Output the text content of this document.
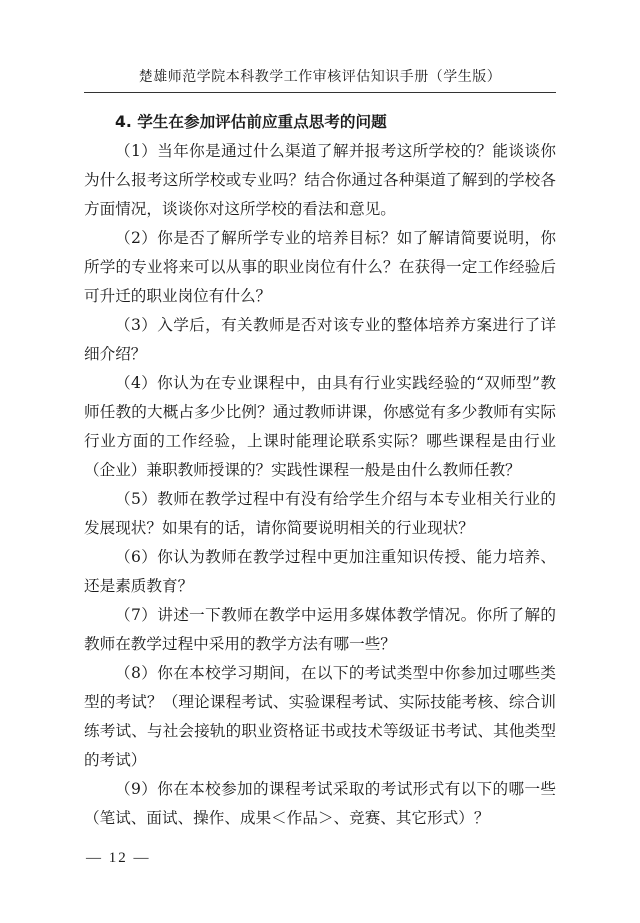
楚雄师范学院本科教学工作审核评估知识手册（学生版）

4. 学生在参加评估前应重点思考的问题

（1）当年你是通过什么渠道了解并报考这所学校的？能谈谈你为什么报考这所学校或专业吗？结合你通过各种渠道了解到的学校各方面情况，谈谈你对这所学校的看法和意见。

（2）你是否了解所学专业的培养目标？如了解请简要说明，你所学的专业将来可以从事的职业岗位有什么？在获得一定工作经验后可升迁的职业岗位有什么？

（3）入学后，有关教师是否对该专业的整体培养方案进行了详细介绍？

（4）你认为在专业课程中，由具有行业实践经验的“双师型”教师任教的大概占多少比例？通过教师讲课，你感觉有多少教师有实际行业方面的工作经验，上课时能理论联系实际？哪些课程是由行业（企业）兼职教师授课的？实践性课程一般是由什么教师任教？

（5）教师在教学过程中有没有给学生介绍与本专业相关行业的发展现状？如果有的话，请你简要说明相关的行业现状？

（6）你认为教师在教学过程中更加注重知识传授、能力培养、还是素质教育？

（7）讲述一下教师在教学中运用多媒体教学情况。你所了解的教师在教学过程中采用的教学方法有哪一些？

（8）你在本校学习期间，在以下的考试类型中你参加过哪些类型的考试？（理论课程考试、实验课程考试、实际技能考核、综合训练考试、与社会接轨的职业资格证书或技术等级证书考试、其他类型的考试）

（9）你在本校参加的课程考试采取的考试形式有以下的哪一些（笔试、面试、操作、成果＜作品＞、竞赛、其它形式）？

— 12 —
